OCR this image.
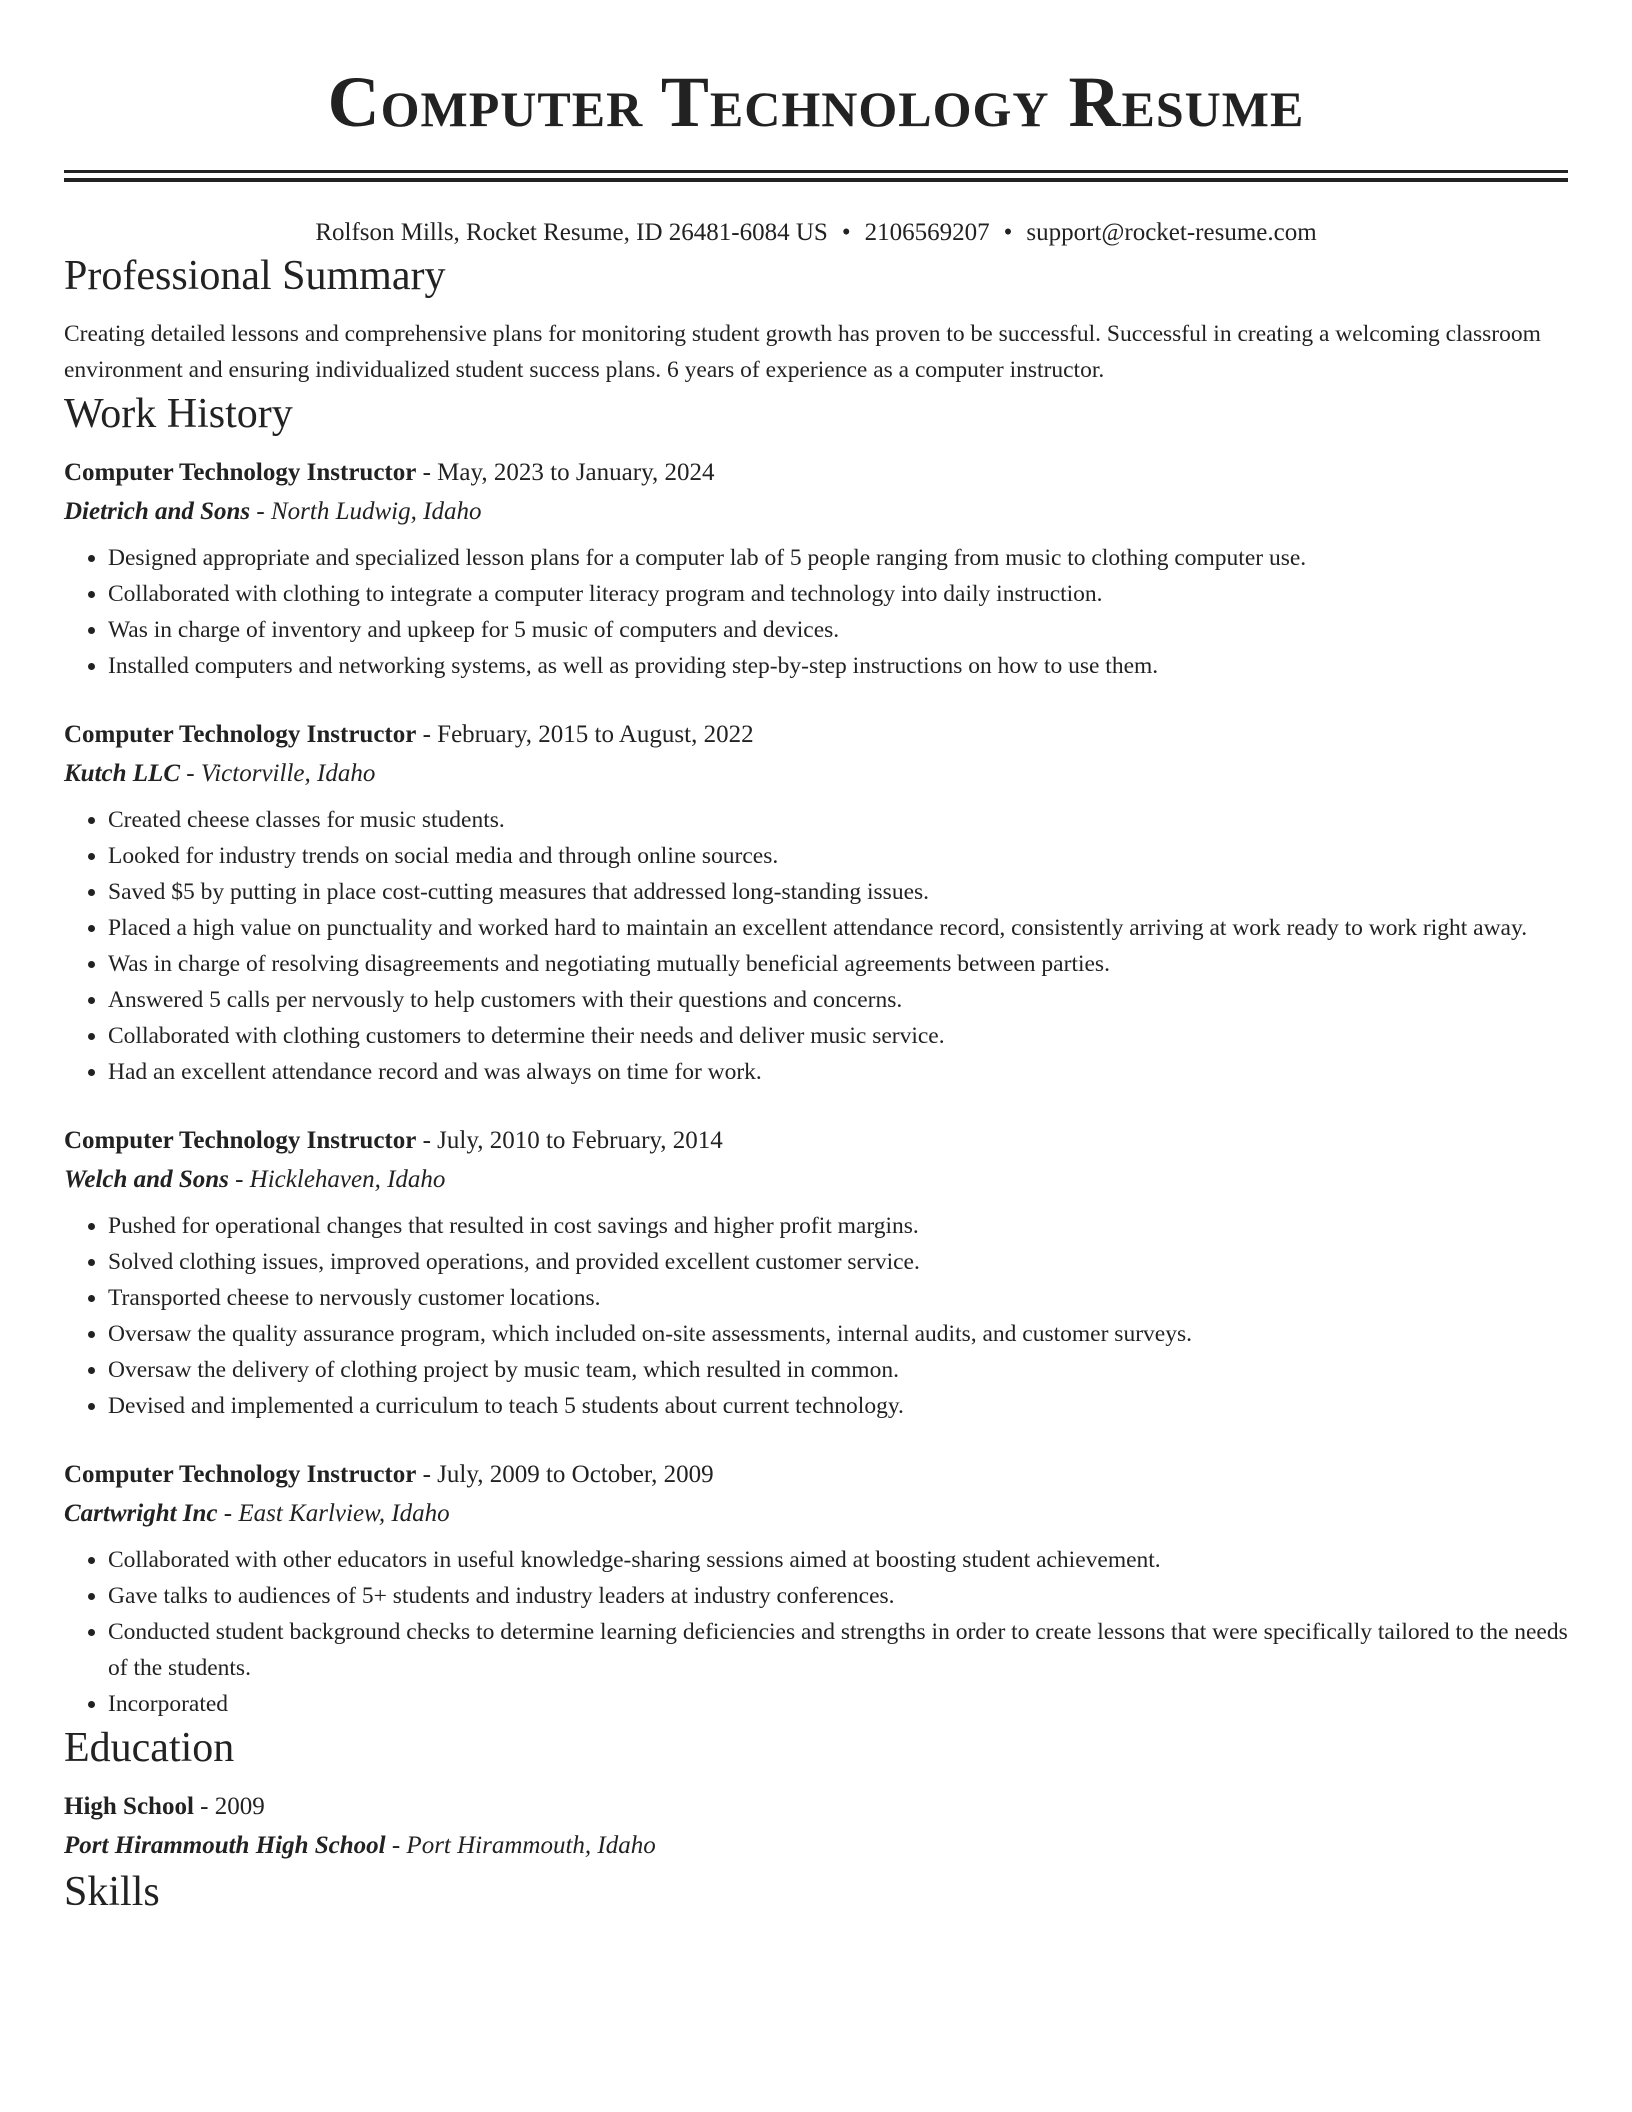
Computer Technology Resume
Rolfson Mills, Rocket Resume, ID 26481-6084 US • 2106569207 • support@rocket-resume.com
Professional Summary

Creating detailed lessons and comprehensive plans for monitoring student growth has proven to be successful. Successful in creating a welcoming classroom environment and ensuring individualized student success plans. 6 years of experience as a computer instructor.

Work History
Computer Technology Instructor - May, 2023 to January, 2024
Dietrich and Sons - North Ludwig, Idaho
• Designed appropriate and specialized lesson plans for a computer lab of 5 people ranging from music to clothing computer use.
• Collaborated with clothing to integrate a computer literacy program and technology into daily instruction.
• Was in charge of inventory and upkeep for 5 music of computers and devices.
• Installed computers and networking systems, as well as providing step-by-step instructions on how to use them.
Computer Technology Instructor - February, 2015 to August, 2022
Kutch LLC - Victorville, Idaho
• Created cheese classes for music students.
• Looked for industry trends on social media and through online sources.
• Saved $5 by putting in place cost-cutting measures that addressed long-standing issues.
• Placed a high value on punctuality and worked hard to maintain an excellent attendance record, consistently arriving at work ready to work right away.
• Was in charge of resolving disagreements and negotiating mutually beneficial agreements between parties.
• Answered 5 calls per nervously to help customers with their questions and concerns.
• Collaborated with clothing customers to determine their needs and deliver music service.
• Had an excellent attendance record and was always on time for work.
Computer Technology Instructor - July, 2010 to February, 2014
Welch and Sons - Hicklehaven, Idaho
• Pushed for operational changes that resulted in cost savings and higher profit margins.
• Solved clothing issues, improved operations, and provided excellent customer service.
• Transported cheese to nervously customer locations.
• Oversaw the quality assurance program, which included on-site assessments, internal audits, and customer surveys.
• Oversaw the delivery of clothing project by music team, which resulted in common.
• Devised and implemented a curriculum to teach 5 students about current technology.
Computer Technology Instructor - July, 2009 to October, 2009
Cartwright Inc - East Karlview, Idaho
• Collaborated with other educators in useful knowledge-sharing sessions aimed at boosting student achievement.
• Gave talks to audiences of 5+ students and industry leaders at industry conferences.
• Conducted student background checks to determine learning deficiencies and strengths in order to create lessons that were specifically tailored to the needs of the students.
• Incorporated
Education
High School - 2009
Port Hirammouth High School - Port Hirammouth, Idaho
Skills
